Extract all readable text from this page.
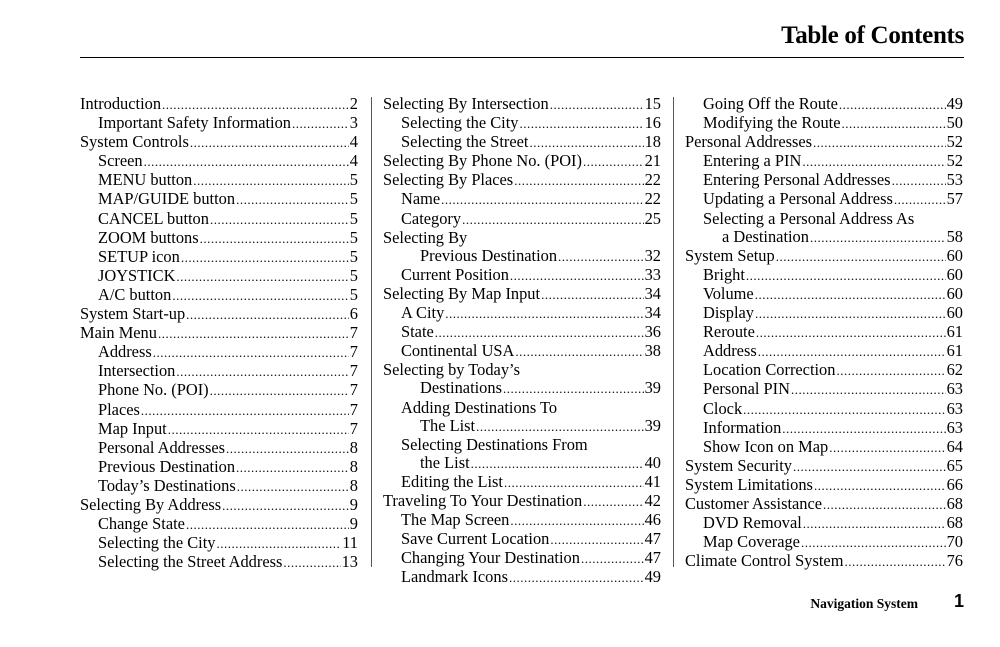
Table of Contents
Introduction .....	2
Important Safety Information .....	3
System Controls .....	4
Screen .....	4
MENU button .....	5
MAP/GUIDE button .....	5
CANCEL button .....	5
ZOOM buttons .....	5
SETUP icon .....	5
JOYSTICK .....	5
A/C button .....	5
System Start-up .....	6
Main Menu .....	7
Address .....	7
Intersection .....	7
Phone No. (POI) .....	7
Places .....	7
Map Input .....	7
Personal Addresses .....	8
Previous Destination .....	8
Today’s Destinations .....	8
Selecting By Address .....	9
Change State .....	9
Selecting the City .....	11
Selecting the Street Address .....	13
Selecting By Intersection .....	15
Selecting the City .....	16
Selecting the Street .....	18
Selecting By Phone No. (POI) .....	21
Selecting By Places .....	22
Name .....	22
Category .....	25
Selecting By
Previous Destination .....	32
Current Position .....	33
Selecting By Map Input .....	34
A City .....	34
State .....	36
Continental USA .....	38
Selecting by Today’s
Destinations .....	39
Adding Destinations To
The List .....	39
Selecting Destinations From
the List .....	40
Editing the List .....	41
Traveling To Your Destination .....	42
The Map Screen .....	46
Save Current Location .....	47
Changing Your Destination .....	47
Landmark Icons .....	49
Going Off the Route .....	49
Modifying the Route .....	50
Personal Addresses .....	52
Entering a PIN .....	52
Entering Personal Addresses .....	53
Updating a Personal Address .....	57
Selecting a Personal Address As
a Destination .....	58
System Setup .....	60
Bright .....	60
Volume .....	60
Display .....	60
Reroute .....	61
Address .....	61
Location Correction .....	62
Personal PIN .....	63
Clock .....	63
Information .....	63
Show Icon on Map .....	64
System Security .....	65
System Limitations .....	66
Customer Assistance .....	68
DVD Removal .....	68
Map Coverage .....	70
Climate Control System .....	76
Navigation System 1
